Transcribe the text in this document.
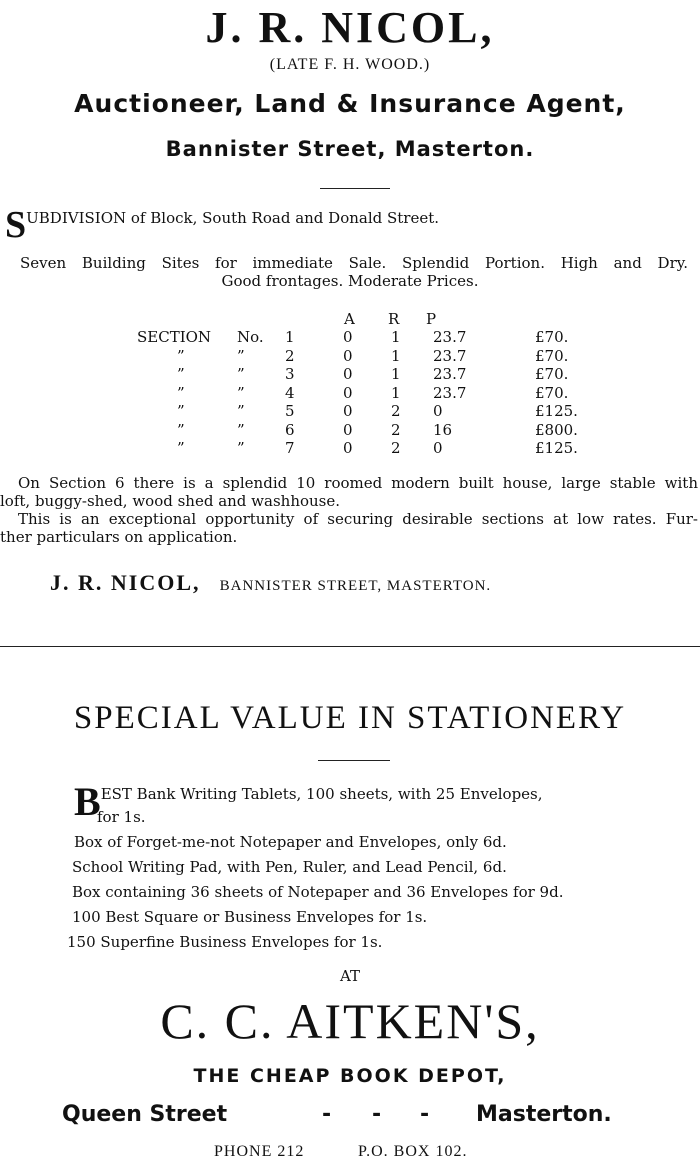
J. R. NICOL,
(LATE F. H. WOOD.)
Auctioneer, Land & Insurance Agent,
Bannister Street, Masterton.
SUBDIVISION of Block, South Road and Donald Street.
Seven Building Sites for immediate Sale. Splendid Portion. High and Dry.
Good frontages. Moderate Prices.
A R P
SECTION	No.	1	0	1	23.7	£70.
”	”	2	0	1	23.7	£70.
”	”	3	0	1	23.7	£70.
”	”	4	0	1	23.7	£70.
”	”	5	0	2	0	£125.
”	”	6	0	2	16	£800.
”	”	7	0	2	0	£125.
On Section 6 there is a splendid 10 roomed modern built house, large stable with
loft, buggy-shed, wood shed and washhouse.
This is an exceptional opportunity of securing desirable sections at low rates. Fur-
ther particulars on application.
J. R. NICOL, BANNISTER STREET, MASTERTON.
SPECIAL VALUE IN STATIONERY
BEST Bank Writing Tablets, 100 sheets, with 25 Envelopes,
for 1s.
Box of Forget-me-not Notepaper and Envelopes, only 6d.
School Writing Pad, with Pen, Ruler, and Lead Pencil, 6d.
Box containing 36 sheets of Notepaper and 36 Envelopes for 9d.
100 Best Square or Business Envelopes for 1s.
150 Superfine Business Envelopes for 1s.
AT
C. C. AITKEN'S,
THE CHEAP BOOK DEPOT,
Queen Street	- - - Masterton.
PHONE 212	P.O. BOX 102.
